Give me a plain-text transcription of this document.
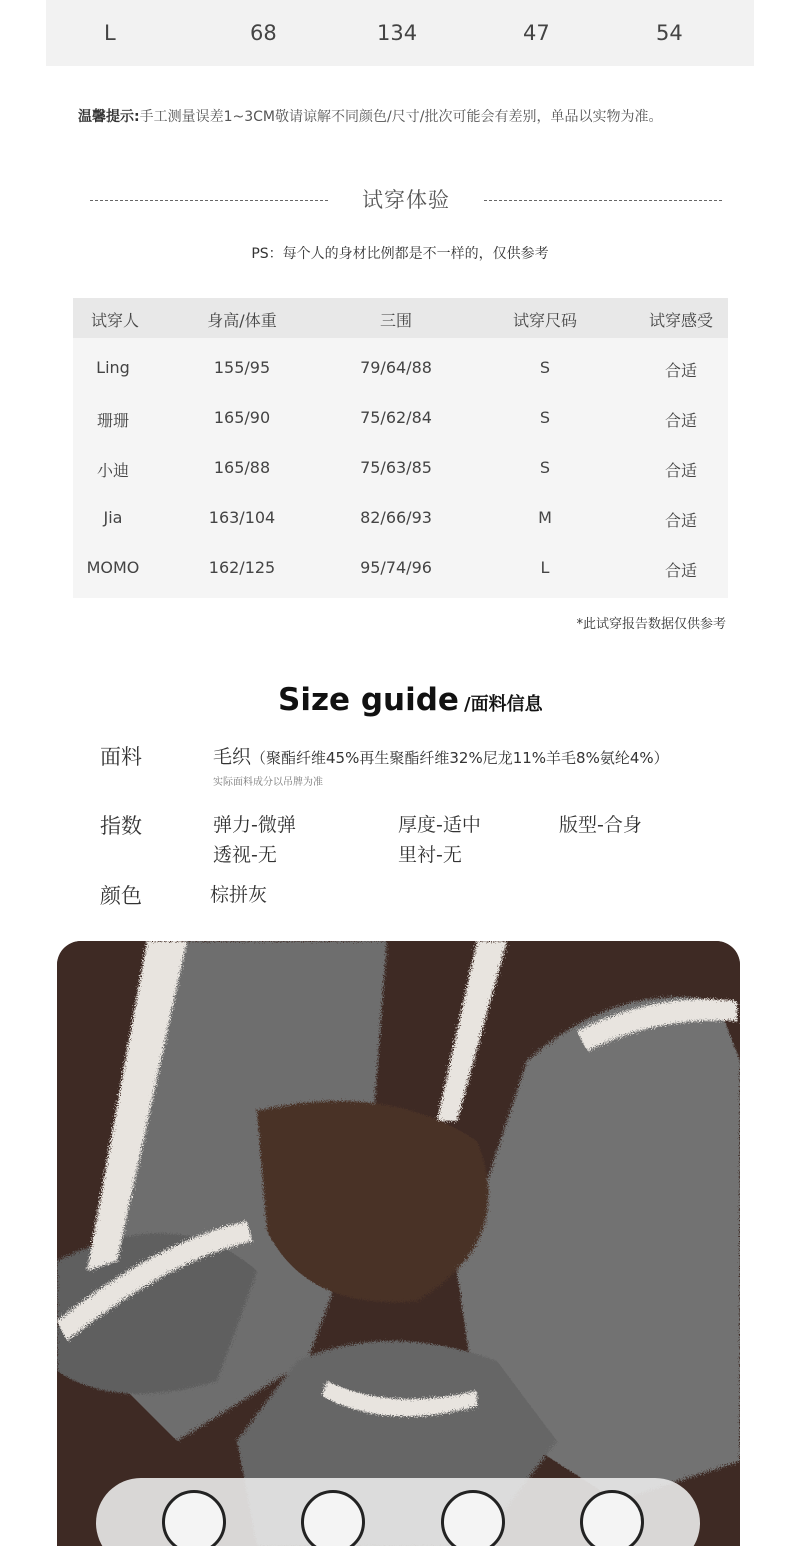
L	68	134	47	54
温馨提示:手工测量误差1~3CM敬请谅解不同颜色/尺寸/批次可能会有差别，单品以实物为准。
试穿体验
PS：每个人的身材比例都是不一样的，仅供参考
试穿人	身高/体重	三围	试穿尺码	试穿感受
Ling	155/95	79/64/88	S	合适
珊珊	165/90	75/62/84	S	合适
小迪	165/88	75/63/85	S	合适
Jia	163/104	82/66/93	M	合适
MOMO	162/125	95/74/96	L	合适
*此试穿报告数据仅供参考
Size guide /面料信息
面料	毛织（聚酯纤维45%再生聚酯纤维32%尼龙11%羊毛8%氨纶4%）
实际面料成分以吊牌为准
指数	弹力-微弹	厚度-适中	版型-合身
透视-无	里衬-无
颜色	棕拼灰
